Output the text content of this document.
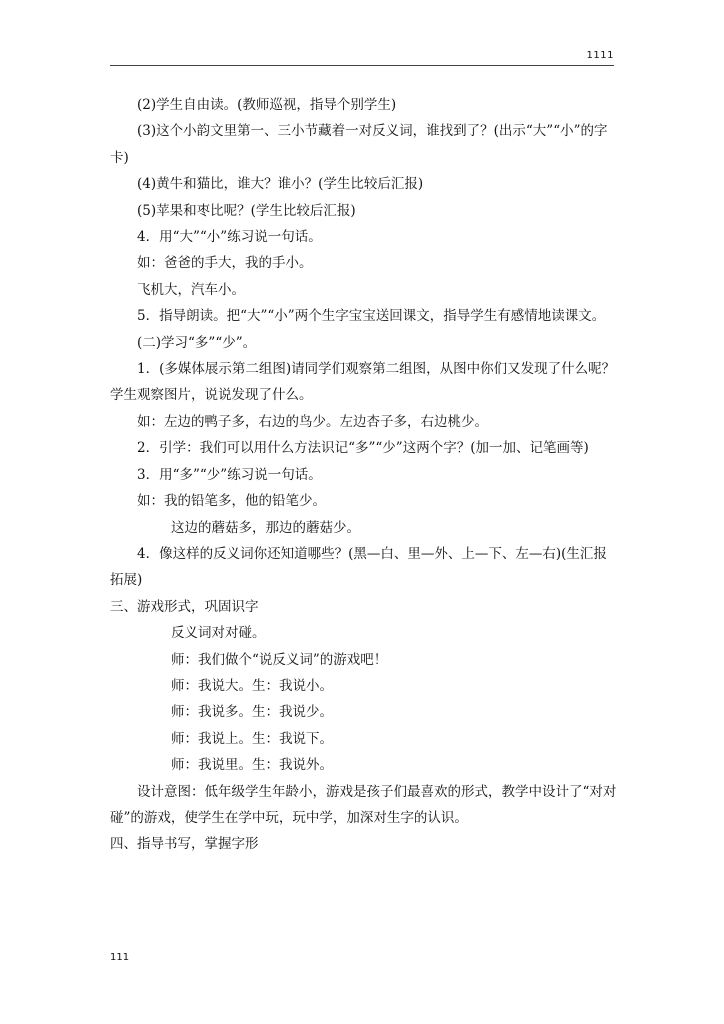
1111

(2)学生自由读。(教师巡视，指导个别学生)

(3)这个小韵文里第一、三小节藏着一对反义词，谁找到了？(出示“大”“小”的字卡)

(4)黄牛和猫比，谁大？谁小？(学生比较后汇报)

(5)苹果和枣比呢？(学生比较后汇报)

4．用“大”“小”练习说一句话。

如：爸爸的手大，我的手小。

飞机大，汽车小。

5．指导朗读。把“大”“小”两个生字宝宝送回课文，指导学生有感情地读课文。

(二)学习“多”“少”。

1．(多媒体展示第二组图)请同学们观察第二组图，从图中你们又发现了什么呢？学生观察图片，说说发现了什么。

如：左边的鸭子多，右边的鸟少。左边杏子多，右边桃少。

2．引学：我们可以用什么方法识记“多”“少”这两个字？(加一加、记笔画等)

3．用“多”“少”练习说一句话。

如：我的铅笔多，他的铅笔少。

这边的蘑菇多，那边的蘑菇少。

4．像这样的反义词你还知道哪些？(黑—白、里—外、上—下、左—右)(生汇报拓展)

三、游戏形式，巩固识字

反义词对对碰。

师：我们做个“说反义词”的游戏吧！

师：我说大。生：我说小。

师：我说多。生：我说少。

师：我说上。生：我说下。

师：我说里。生：我说外。

设计意图：低年级学生年龄小，游戏是孩子们最喜欢的形式，教学中设计了“对对碰”的游戏，使学生在学中玩，玩中学，加深对生字的认识。

四、指导书写，掌握字形

111
